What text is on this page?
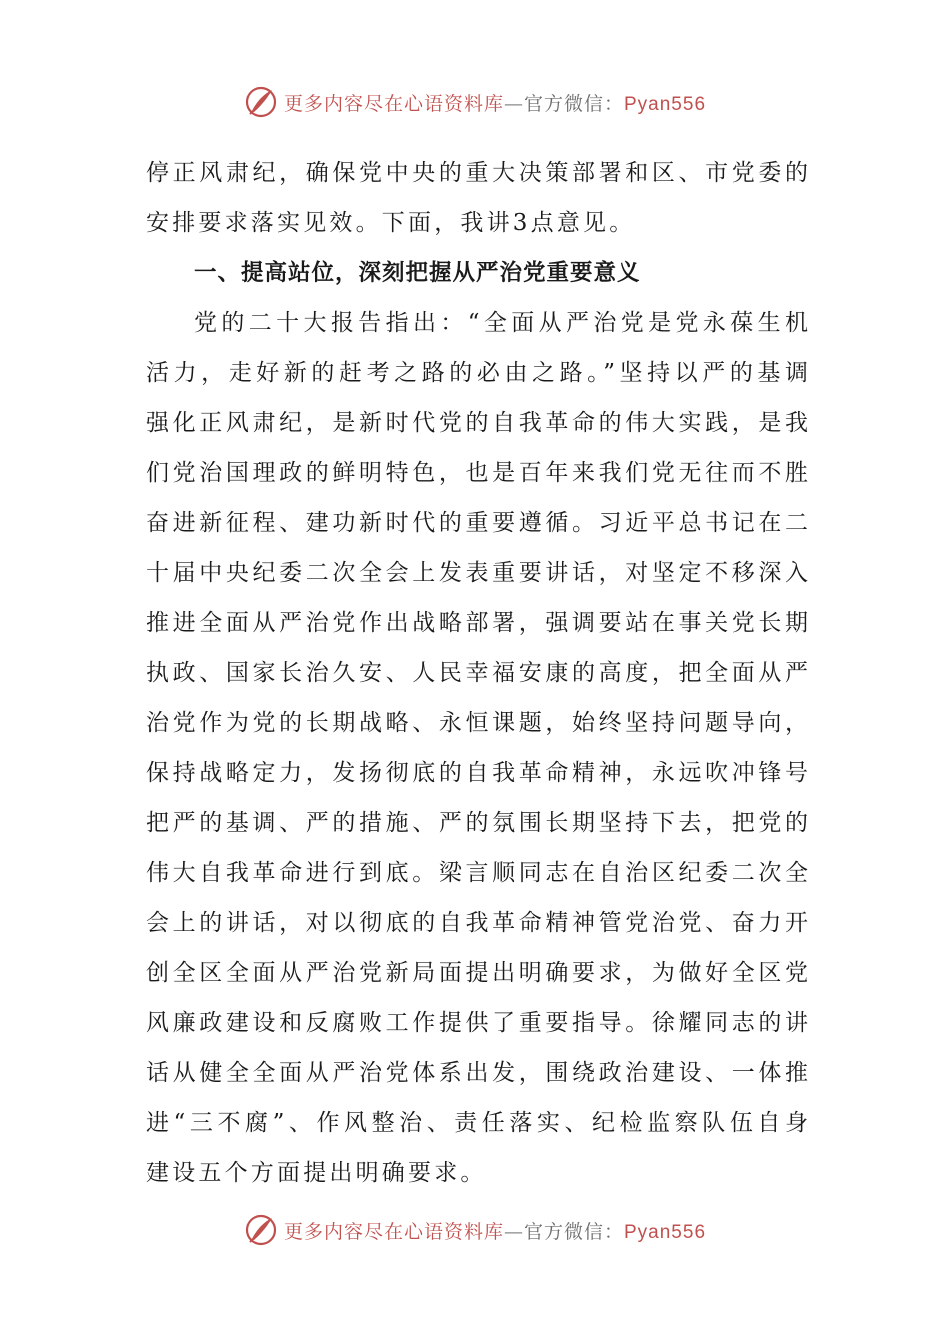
更多内容尽在心语资料库—官方微信：Pyan556
停正风肃纪，确保党中央的重大决策部署和区、市党委的
安排要求落实见效。下面，我讲3点意见。
一、提高站位，深刻把握从严治党重要意义
党的二十大报告指出：“全面从严治党是党永葆生机
活力，走好新的赶考之路的必由之路。”坚持以严的基调
强化正风肃纪，是新时代党的自我革命的伟大实践，是我
们党治国理政的鲜明特色，也是百年来我们党无往而不胜
奋进新征程、建功新时代的重要遵循。习近平总书记在二
十届中央纪委二次全会上发表重要讲话，对坚定不移深入
推进全面从严治党作出战略部署，强调要站在事关党长期
执政、国家长治久安、人民幸福安康的高度，把全面从严
治党作为党的长期战略、永恒课题，始终坚持问题导向，
保持战略定力，发扬彻底的自我革命精神，永远吹冲锋号
把严的基调、严的措施、严的氛围长期坚持下去，把党的
伟大自我革命进行到底。梁言顺同志在自治区纪委二次全
会上的讲话，对以彻底的自我革命精神管党治党、奋力开
创全区全面从严治党新局面提出明确要求，为做好全区党
风廉政建设和反腐败工作提供了重要指导。徐耀同志的讲
话从健全全面从严治党体系出发，围绕政治建设、一体推
进“三不腐”、作风整治、责任落实、纪检监察队伍自身
建设五个方面提出明确要求。
更多内容尽在心语资料库—官方微信：Pyan556
